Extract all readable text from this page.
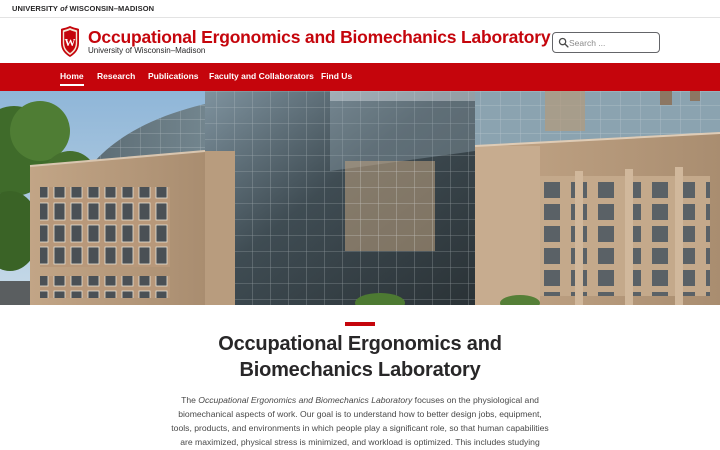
UNIVERSITY of WISCONSIN–MADISON
W Occupational Ergonomics and Biomechanics Laboratory
University of Wisconsin–Madison
Search ...
Home Research Publications Faculty and Collaborators Find Us
Occupational Ergonomics and
Biomechanics Laboratory

The Occupational Ergonomics and Biomechanics Laboratory focuses on the physiological and
biomechanical aspects of work. Our goal is to understand how to better design jobs, equipment,
tools, products, and environments in which people play a significant role, so that human capabilities
are maximized, physical stress is minimized, and workload is optimized. This includes studying
